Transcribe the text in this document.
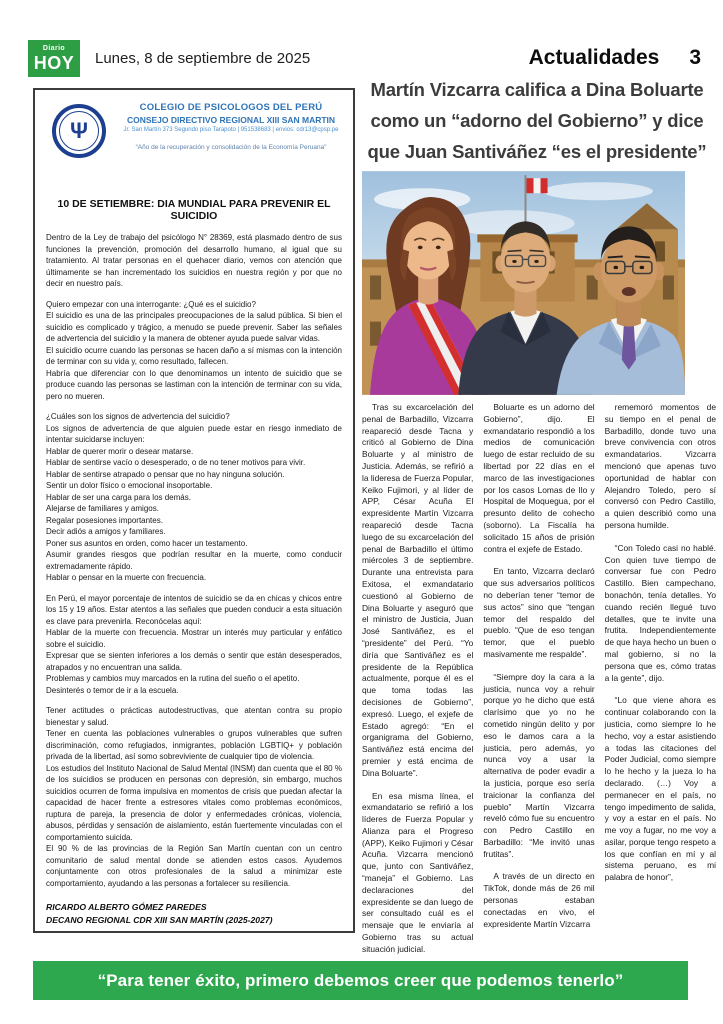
Diario
HOY Lunes, 8 de septiembre de 2025	Actualidades 3
Ψ
COLEGIO DE PSICOLOGOS DEL PERÚ
CONSEJO DIRECTIVO REGIONAL XIII SAN MARTIN
Jr. San Martín 373 Segundo piso Tarapoto | 951538683 | envios: cdr13@cpsp.pe
“Año de la recuperación y consolidación de la Economía Peruana”
10 DE SETIEMBRE: DIA MUNDIAL PARA PREVENIR EL SUICIDIO

Dentro de la Ley de trabajo del psicólogo N° 28369, está plasmado dentro de sus funciones la prevención, promoción del desarrollo humano, al igual que su tratamiento. Al tratar personas en el quehacer diario, vemos con atención que últimamente se han incrementado los suicidios en nuestra región y por que no decir en nuestro país.

Quiero empezar con una interrogante: ¿Qué es el suicidio?

El suicidio es una de las principales preocupaciones de la salud pública. Si bien el suicidio es complicado y trágico, a menudo se puede prevenir. Saber las señales de advertencia del suicidio y la manera de obtener ayuda puede salvar vidas.

El suicidio ocurre cuando las personas se hacen daño a sí mismas con la intención de terminar con su vida y, como resultado, fallecen.

Habría que diferenciar con lo que denominamos un intento de suicidio que se produce cuando las personas se lastiman con la intención de terminar con su vida, pero no mueren.

¿Cuáles son los signos de advertencia del suicidio?

Los signos de advertencia de que alguien puede estar en riesgo inmediato de intentar suicidarse incluyen:

Hablar de querer morir o desear matarse.

Hablar de sentirse vacío o desesperado, o de no tener motivos para vivir.

Hablar de sentirse atrapado o pensar que no hay ninguna solución.

Sentir un dolor físico o emocional insoportable.

Hablar de ser una carga para los demás.

Alejarse de familiares y amigos.

Regalar posesiones importantes.

Decir adiós a amigos y familiares.

Poner sus asuntos en orden, como hacer un testamento.

Asumir grandes riesgos que podrían resultar en la muerte, como conducir extremadamente rápido.

Hablar o pensar en la muerte con frecuencia.

En Perú, el mayor porcentaje de intentos de suicidio se da en chicas y chicos entre los 15 y 19 años. Estar atentos a las señales que pueden conducir a esta situación es clave para prevenirla. Reconócelas aquí:

Hablar de la muerte con frecuencia. Mostrar un interés muy particular y enfático sobre el suicidio.

Expresar que se sienten inferiores a los demás o sentir que están desesperados, atrapados y no encuentran una salida.

Problemas y cambios muy marcados en la rutina del sueño o el apetito.

Desinterés o temor de ir a la escuela.

Tener actitudes o prácticas autodestructivas, que atentan contra su propio bienestar y salud.

Tener en cuenta las poblaciones vulnerables o grupos vulnerables que sufren discriminación, como refugiados, inmigrantes, población LGBTIQ+ y población privada de la libertad, así somo sobreviviente de cualquier tipo de violencia.

Los estudios del Instituto Nacional de Salud Mental (INSM) dan cuenta que el 80 % de los suicidios se producen en personas con depresión, sin embargo, muchos suicidios ocurren de forma impulsiva en momentos de crisis que puedan afectar la capacidad de hacer frente a estresores vitales como problemas económicos, ruptura de pareja, la presencia de dolor y enfermedades crónicas, violencia, abusos, pérdidas y sensación de aislamiento, están fuertemente vinculadas con el comportamiento suicida.

El 90 % de las provincias de la Región San Martín cuentan con un centro comunitario de salud mental donde se atienden estos casos. Ayudemos conjuntamente con otros profesionales de la salud a minimizar este comportamiento, ayudando a las personas a fortalecer su resiliencia.

RICARDO ALBERTO GÓMEZ PAREDES
DECANO REGIONAL CDR XIII SAN MARTÍN (2025-2027)
Martín Vizcarra califica a Dina Boluarte
como un “adorno del Gobierno” y dice
que Juan Santiváñez “es el presidente”

Tras su excarcelación del penal de Barbadillo, Vizcarra reapareció desde Tacna y criticó al Gobierno de Dina Boluarte y al ministro de Justicia. Además, se refirió a la lideresa de Fuerza Popular, Keiko Fujimori, y al líder de APP, César Acuña El expresidente Martín Vizcarra reapareció desde Tacna luego de su excarcelación del penal de Barbadillo el último miércoles 3 de septiembre. Durante una entrevista para Exitosa, el exmandatario cuestionó al Gobierno de Dina Boluarte y aseguró que el ministro de Justicia, Juan José Santiváñez, es el “presidente” del Perú. “Yo diría que Santiváñez es el presidente de la República actualmente, porque él es el que toma todas las decisiones de Gobierno”, expresó. Luego, el exjefe de Estado agregó: “En el organigrama del Gobierno, Santiváñez está encima del premier y está encima de Dina Boluarte”.

En esa misma línea, el exmandatario se refirió a los líderes de Fuerza Popular y Alianza para el Progreso (APP), Keiko Fujimori y César Acuña. Vizcarra mencionó que, junto con Santiváñez, “maneja” el Gobierno. Las declaraciones del expresidente se dan luego de ser consultado cuál es el mensaje que le enviaría al Gobierno tras su actual situación judicial.

Boluarte es un adorno del Gobierno”, dijo. El exmandatario respondió a los medios de comunicación luego de estar recluido de su libertad por 22 días en el marco de las investigaciones por los casos Lomas de Ilo y Hospital de Moquegua, por el presunto delito de cohecho (soborno). La Fiscalía ha solicitado 15 años de prisión contra el exjefe de Estado.

En tanto, Vizcarra declaró que sus adversarios políticos no deberían tener “temor de sus actos” sino que “tengan temor del respaldo del pueblo. “Que de eso tengan temor, que el pueblo masivamente me respalde”.

“Siempre doy la cara a la justicia, nunca voy a rehuir porque yo he dicho que está clarísimo que yo no he cometido ningún delito y por eso le damos cara a la justicia, pero además, yo nunca voy a usar la alternativa de poder evadir a la justicia, porque eso sería traicionar la confianza del pueblo” Martín Vizcarra reveló cómo fue su encuentro con Pedro Castillo en Barbadillo: “Me invitó unas frutitas”.

A través de un directo en TikTok, donde más de 26 mil personas estaban conectadas en vivo, el expresidente Martín Vizcarra

rememoró momentos de su tiempo en el penal de Barbadillo, donde tuvo una breve convivencia con otros exmandatarios. Vizcarra mencionó que apenas tuvo oportunidad de hablar con Alejandro Toledo, pero sí conversó con Pedro Castillo, a quien describió como una persona humilde.

“Con Toledo casi no hablé. Con quien tuve tiempo de conversar fue con Pedro Castillo. Bien campechano, bonachón, tenía detalles. Yo cuando recién llegué tuvo detalles, que te invite una frutita. Independientemente de que haya hecho un buen o mal gobierno, si no la persona que es, cómo tratas a la gente”, dijo.

“Lo que viene ahora es continuar colaborando con la justicia, como siempre lo he hecho, voy a estar asistiendo a todas las citaciones del Poder Judicial, como siempre lo he hecho y la jueza lo ha declarado. (…) Voy a permanecer en el país, no tengo impedimento de salida, y voy a estar en el país. No me voy a fugar, no me voy a asilar, porque tengo respeto a los que confían en mí y al sistema peruano, es mi palabra de honor”,

“Para tener éxito, primero debemos creer que podemos tenerlo”
